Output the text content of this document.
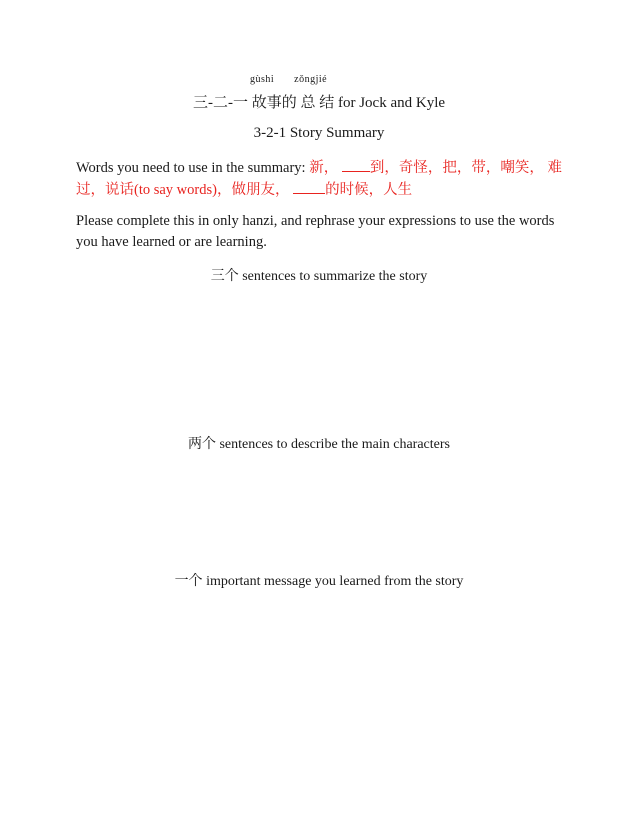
gùshi zǒngjié
三-二-一 故事的 总 结 for Jock and Kyle
3-2-1 Story Summary
Words you need to use in the summary: 新， 到，奇怪，把，带，嘲笑， 难过，说话(to say words)，做朋友， 的时候，人生
Please complete this in only hanzi, and rephrase your expressions to use the words you have learned or are learning.
三个 sentences to summarize the story
两个 sentences to describe the main characters
一个 important message you learned from the story
